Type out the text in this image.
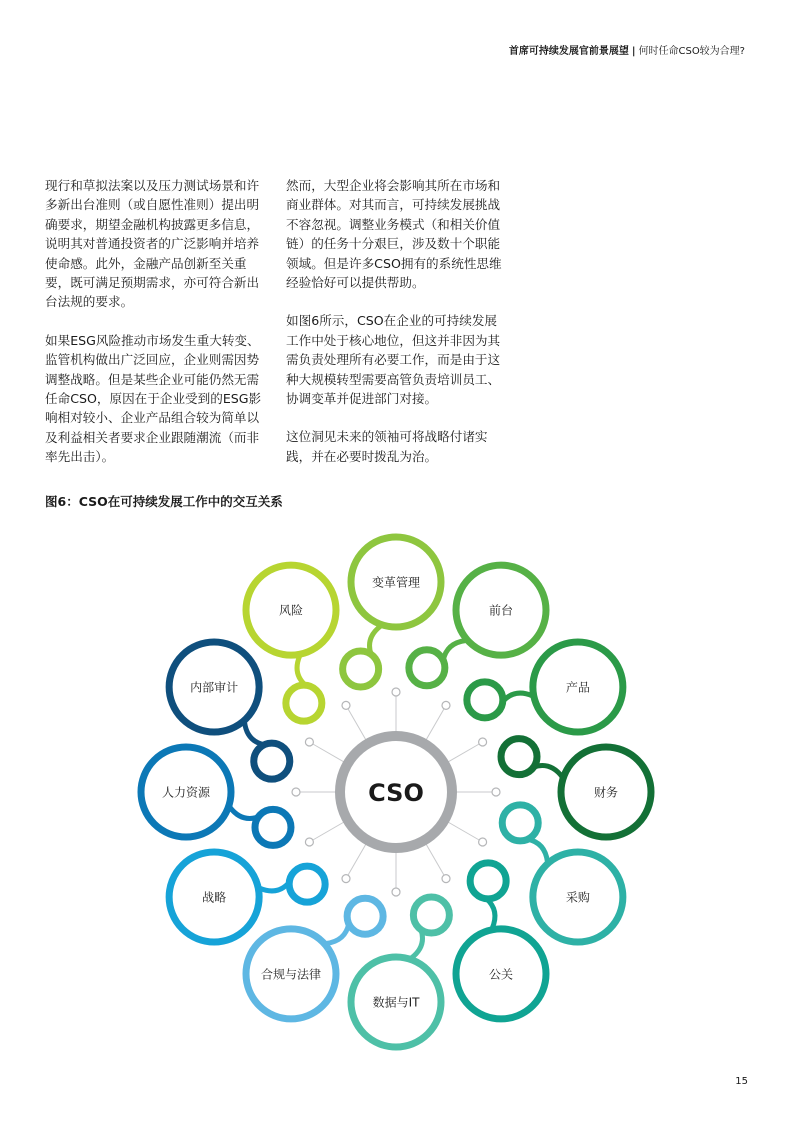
首席可持续发展官前景展望 | 何时任命CSO较为合理?

现行和草拟法案以及压力测试场景和许多新出台准则（或自愿性准则）提出明确要求，期望金融机构披露更多信息，说明其对普通投资者的广泛影响并培养使命感。此外，金融产品创新至关重要，既可满足预期需求，亦可符合新出台法规的要求。

如果ESG风险推动市场发生重大转变、监管机构做出广泛回应，企业则需因势调整战略。但是某些企业可能仍然无需任命CSO，原因在于企业受到的ESG影响相对较小、企业产品组合较为简单以及利益相关者要求企业跟随潮流（而非率先出击）。

然而，大型企业将会影响其所在市场和商业群体。对其而言，可持续发展挑战不容忽视。调整业务模式（和相关价值链）的任务十分艰巨，涉及数十个职能领域。但是许多CSO拥有的系统性思维经验恰好可以提供帮助。

如图6所示，CSO在企业的可持续发展工作中处于核心地位，但这并非因为其需负责处理所有必要工作，而是由于这种大规模转型需要高管负责培训员工、协调变革并促进部门对接。

这位洞见未来的领袖可将战略付诸实践，并在必要时拨乱为治。

图6：CSO在可持续发展工作中的交互关系
变革管理
前台
产品
财务
采购
公关
数据与IT
合规与法律
战略
人力资源
内部审计
风险
CSO
15
